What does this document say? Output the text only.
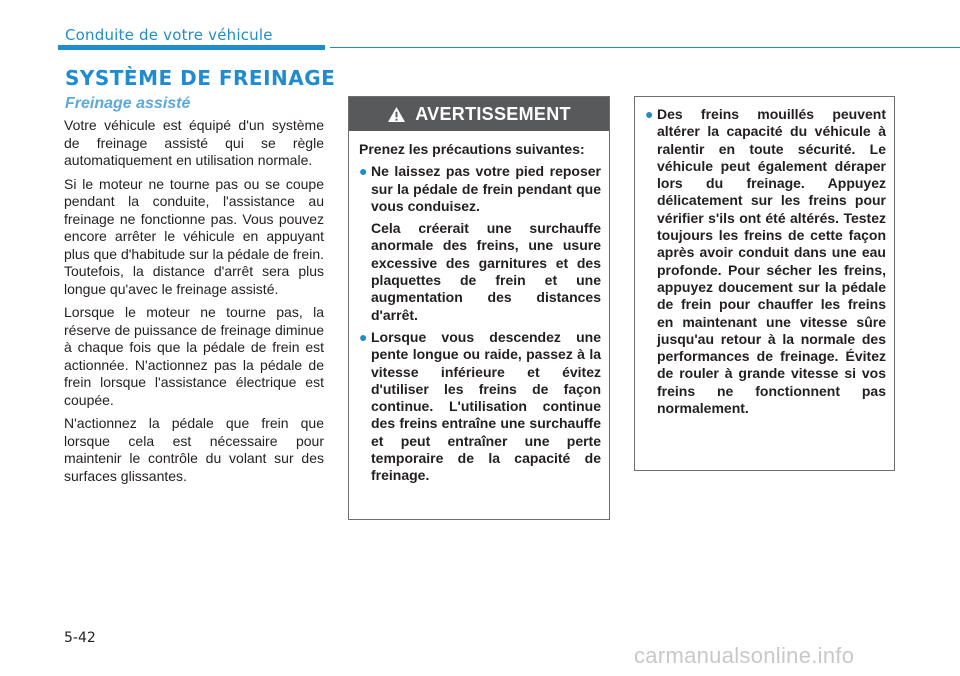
Conduite de votre véhicule
SYSTÈME DE FREINAGE
Freinage assisté

Votre véhicule est équipé d'un système de freinage assisté qui se règle automatiquement en utilisation normale.

Si le moteur ne tourne pas ou se coupe pendant la conduite, l'assistance au freinage ne fonctionne pas. Vous pouvez encore arrêter le véhicule en appuyant plus que d'habitude sur la pédale de frein. Toutefois, la distance d'arrêt sera plus longue qu'avec le freinage assisté.

Lorsque le moteur ne tourne pas, la réserve de puissance de freinage diminue à chaque fois que la pédale de frein est actionnée. N'actionnez pas la pédale de frein lorsque l'assistance électrique est coupée.

N'actionnez la pédale que frein que lorsque cela est nécessaire pour maintenir le contrôle du volant sur des surfaces glissantes.

AVERTISSEMENT

Prenez les précautions suivantes:

● Ne laissez pas votre pied reposer sur la pédale de frein pendant que vous conduisez.
Cela créerait une surchauffe anormale des freins, une usure excessive des garnitures et des plaquettes de frein et une augmentation des distances d'arrêt.
● Lorsque vous descendez une pente longue ou raide, passez à la vitesse inférieure et évitez d'utiliser les freins de façon continue. L'utilisation continue des freins entraîne une surchauffe et peut entraîner une perte temporaire de la capacité de freinage.
● Des freins mouillés peuvent altérer la capacité du véhicule à ralentir en toute sécurité. Le véhicule peut également déraper lors du freinage. Appuyez délicatement sur les freins pour vérifier s'ils ont été altérés. Testez toujours les freins de cette façon après avoir conduit dans une eau profonde. Pour sécher les freins, appuyez doucement sur la pédale de frein pour chauffer les freins en maintenant une vitesse sûre jusqu'au retour à la normale des performances de freinage. Évitez de rouler à grande vitesse si vos freins ne fonctionnent pas normalement.
5-42
carmanualsonline.info
